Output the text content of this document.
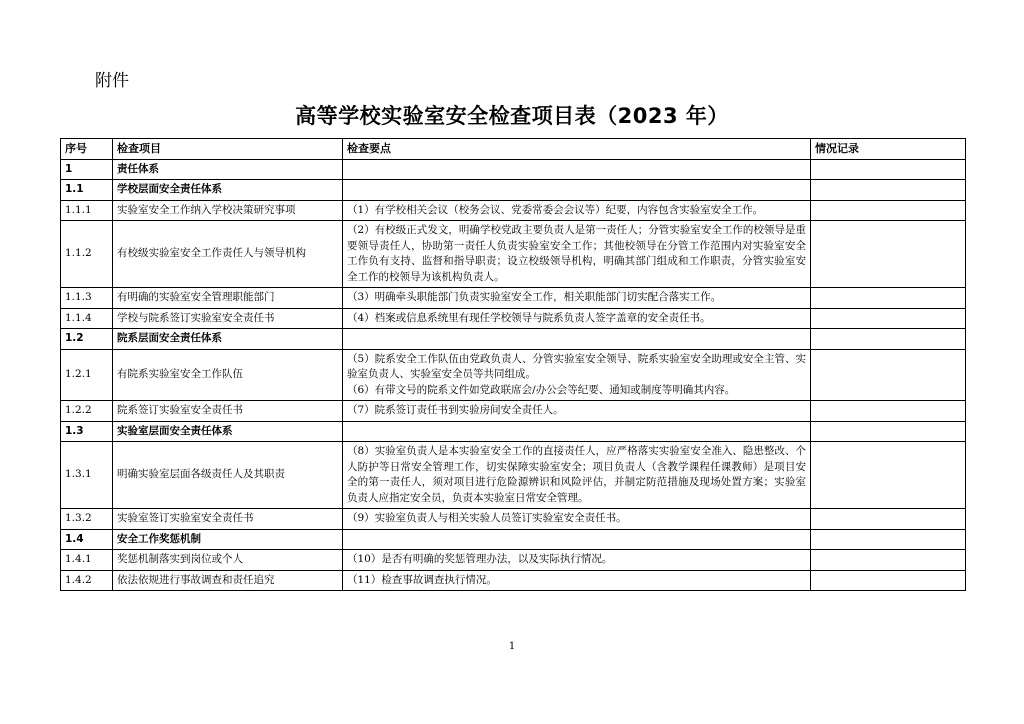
附件
高等学校实验室安全检查项目表（2023 年）
序号	检查项目	检查要点	情况记录
1	责任体系		
1.1	学校层面安全责任体系		
1.1.1	实验室安全工作纳入学校决策研究事项	（1）有学校相关会议（校务会议、党委常委会会议等）纪要，内容包含实验室安全工作。	
1.1.2	有校级实验室安全工作责任人与领导机构	（2）有校级正式发文，明确学校党政主要负责人是第一责任人；分管实验室安全工作的校领导是重要领导责任人，协助第一责任人负责实验室安全工作；其他校领导在分管工作范围内对实验室安全工作负有支持、监督和指导职责；设立校级领导机构，明确其部门组成和工作职责，分管实验室安全工作的校领导为该机构负责人。	
1.1.3	有明确的实验室安全管理职能部门	（3）明确牵头职能部门负责实验室安全工作，相关职能部门切实配合落实工作。	
1.1.4	学校与院系签订实验室安全责任书	（4）档案或信息系统里有现任学校领导与院系负责人签字盖章的安全责任书。	
1.2	院系层面安全责任体系		
1.2.1	有院系实验室安全工作队伍	（5）院系安全工作队伍由党政负责人、分管实验室安全领导、院系实验室安全助理或安全主管、实验室负责人、实验室安全员等共同组成。
（6）有带文号的院系文件如党政联席会/办公会等纪要、通知或制度等明确其内容。	
1.2.2	院系签订实验室安全责任书	（7）院系签订责任书到实验房间安全责任人。	
1.3	实验室层面安全责任体系		
1.3.1	明确实验室层面各级责任人及其职责	（8）实验室负责人是本实验室安全工作的直接责任人，应严格落实实验室安全准入、隐患整改、个人防护等日常安全管理工作，切实保障实验室安全；项目负责人（含教学课程任课教师）是项目安全的第一责任人，须对项目进行危险源辨识和风险评估，并制定防范措施及现场处置方案；实验室负责人应指定安全员，负责本实验室日常安全管理。	
1.3.2	实验室签订实验室安全责任书	（9）实验室负责人与相关实验人员签订实验室安全责任书。	
1.4	安全工作奖惩机制		
1.4.1	奖惩机制落实到岗位或个人	（10）是否有明确的奖惩管理办法，以及实际执行情况。	
1.4.2	依法依规进行事故调查和责任追究	（11）检查事故调查执行情况。	
1
